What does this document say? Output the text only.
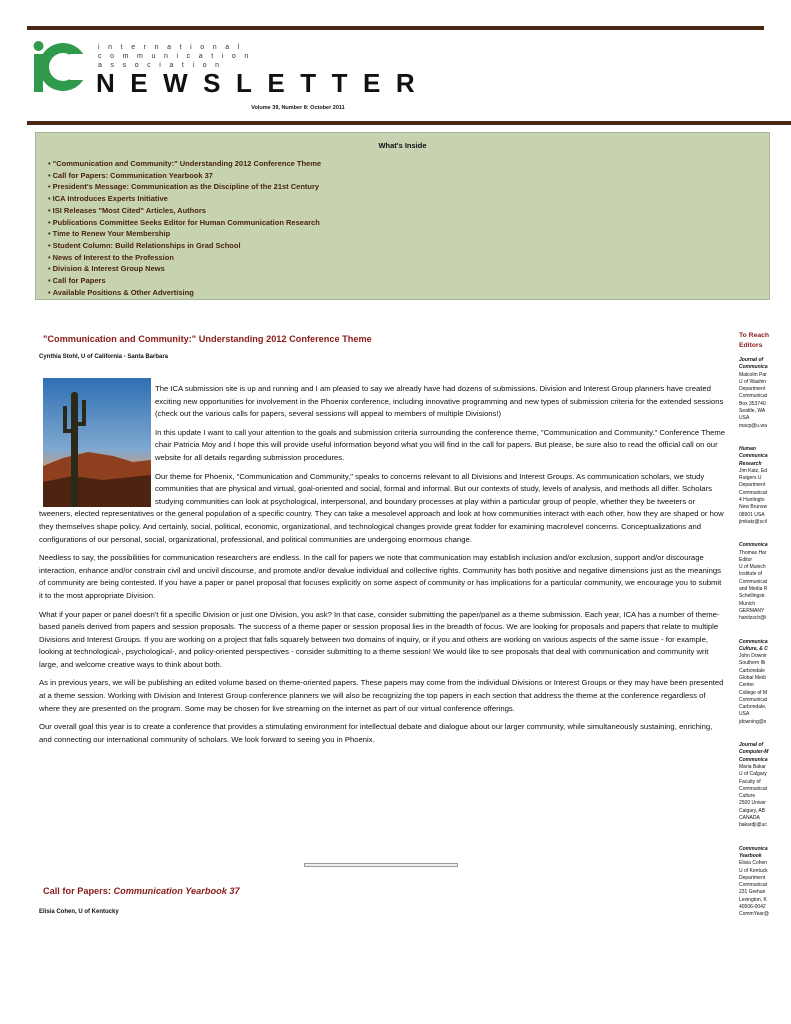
international
communication
association
NEWSLETTER
Volume 39, Number 8: October 2011
What's Inside
• "Communication and Community:" Understanding 2012 Conference Theme
• Call for Papers: Communication Yearbook 37
• President's Message: Communication as the Discipline of the 21st Century
• ICA Introduces Experts Initiative
• ISI Releases "Most Cited" Articles, Authors
• Publications Committee Seeks Editor for Human Communication Research
• Time to Renew Your Membership
• Student Column: Build Relationships in Grad School
• News of Interest to the Profession
• Division & Interest Group News
• Call for Papers
• Available Positions & Other Advertising
"Communication and Community:" Understanding 2012 Conference Theme
Cynthia Stohl, U of California - Santa Barbara

The ICA submission site is up and running and I am pleased to say we already have had dozens of submissions. Division and Interest Group planners have created exciting new opportunities for involvement in the Phoenix conference, including innovative programming and new types of submission criteria for the extended sessions (check out the various calls for papers, several sessions will appeal to members of multiple Divisions!)

In this update I want to call your attention to the goals and submission criteria surrounding the conference theme, "Communication and Community." Conference Theme chair Patricia Moy and I hope this will provide useful information beyond what you will find in the call for papers. But please, be sure also to read the official call on our website for all details regarding submission procedures.

Our theme for Phoenix, "Communication and Community," speaks to concerns relevant to all Divisions and Interest Groups. As communication scholars, we study communities that are physical and virtual, goal-oriented and social, formal and informal. But our contexts of study, levels of analysis, and methods all differ. Scholars studying communities can look at psychological, interpersonal, and boundary processes at play within a particular group of people, whether they be tweeters or tweeners, elected representatives or the general population of a specific country. They can take a mesolevel approach and look at how communities interact with each other, how they are shaped or how they themselves shape policy. And certainly, social, political, economic, organizational, and technological changes provide great fodder for examining macrolevel concerns. Conceptualizations and configurations of our personal, social, organizational, professional, and political communities are undergoing enormous change.

Needless to say, the possibilities for communication researchers are endless. In the call for papers we note that communication may establish inclusion and/or exclusion, support and/or discourage interaction, enhance and/or constrain civil and uncivil discourse, and promote and/or devalue individual and collective rights. Community has both positive and negative dimensions just as the meanings of community are being contested. If you have a paper or panel proposal that focuses explicitly on some aspect of community or has implications for a particular community, we encourage you to submit it to the most appropriate Division.

What if your paper or panel doesn't fit a specific Division or just one Division, you ask? In that case, consider submitting the paper/panel as a theme submission. Each year, ICA has a number of theme-based panels derived from papers and session proposals. The success of a theme paper or session proposal lies in the breadth of focus. We are looking for proposals and papers that relate to multiple Divisions and Interest Groups. If you are working on a project that falls squarely between two domains of inquiry, or if you and others are working on various aspects of the same issue - for example, looking at technological-, psychological-, and policy-oriented perspectives - consider submitting to a theme session! We would like to see proposals that deal with communication and community writ large, and welcome creative ways to think about both.

As in previous years, we will be publishing an edited volume based on theme-oriented papers. These papers may come from the individual Divisions or Interest Groups or they may have been presented at a theme session. Working with Division and Interest Group conference planners we will also be recognizing the top papers in each section that address the theme at the conference regardless of where they are presented on the program. Some may be chosen for live streaming on the internet as part of our virtual conference offerings.

Our overall goal this year is to create a conference that provides a stimulating environment for intellectual debate and dialogue about our larger community, while simultaneously sustaining, enriching, and connecting our international community of scholars. We look forward to seeing you in Phoenix.

Call for Papers: Communication Yearbook 37
Elisia Cohen, U of Kentucky
To Reach Editors
Journal of
Communica
Malcolm Par
U of Washin
Department
Communicat
Box 353740
Seattle, WA
USA
macp@u.wa
Human
Communica
Research
Jim Katz, Ed
Rutgers U
Department
Communicat
4 Huntingto
New Brunsw
08901 USA
jimkatz@scil
Communica
Thomas Har
Editor
U of Munich
Institute of
Communicat
and Media R
Schellingstr.
Munich
GERMANY
hanitzsch@i
Communica
Culture, & C
John Downir
Southern Illi
Carbondale
Global Medi
Center
College of M
Communicat
Carbondale,
USA
jdowning@s
Journal of
Computer-M
Communica
Maria Bakar
U of Calgary
Faculty of
Communicat
Culture
2500 Univer
Calgary, AB
CANADA
bakardji@uc
Communica
Yearbook
Elisia Cohen
U of Kentuck
Department
Communicat
231 Grehan
Lexington, K
40506-0042
CommYear@
